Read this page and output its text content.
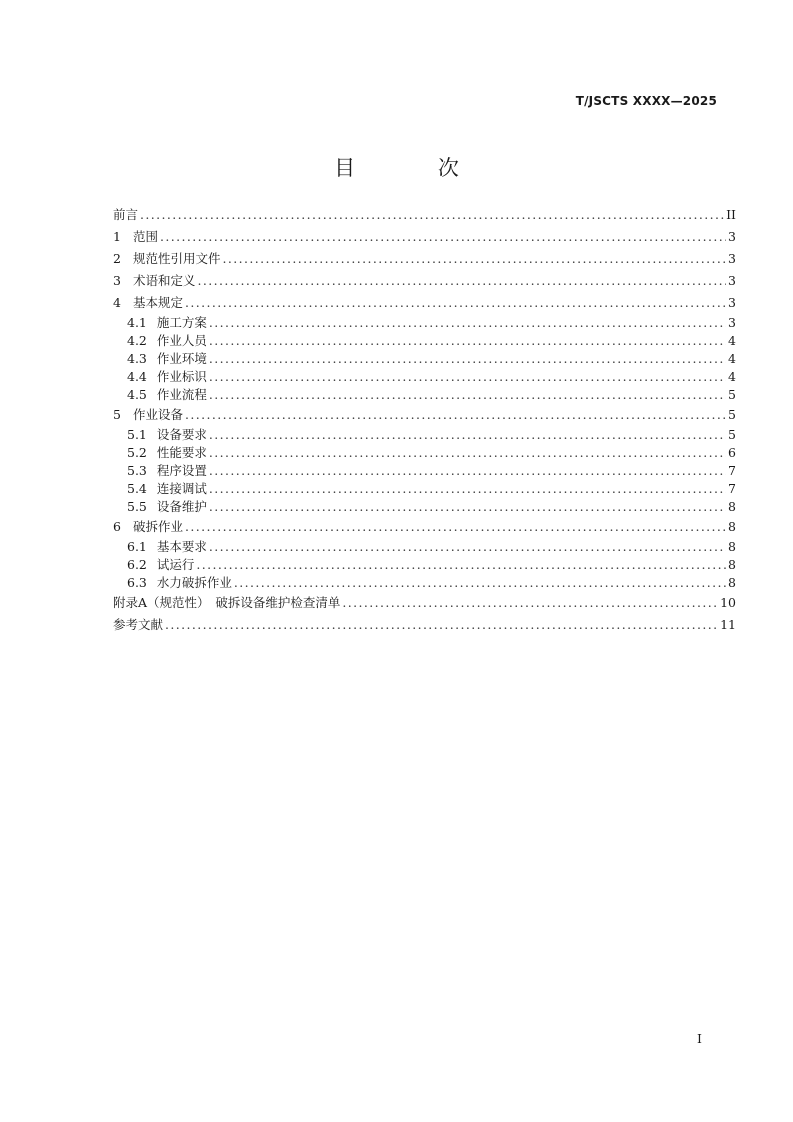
T/JSCTS XXXX—2025
目 次
前言 .....	II
1 范围 .....	3
2 规范性引用文件 .....	3
3 术语和定义 .....	3
4 基本规定 .....	3
4.1 施工方案 .....	3
4.2 作业人员 .....	4
4.3 作业环境 .....	4
4.4 作业标识 .....	4
4.5 作业流程 .....	5
5 作业设备 .....	5
5.1 设备要求 .....	5
5.2 性能要求 .....	6
5.3 程序设置 .....	7
5.4 连接调试 .....	7
5.5 设备维护 .....	8
6 破拆作业 .....	8
6.1 基本要求 .....	8
6.2 试运行 .....	8
6.3 水力破拆作业 .....	8
附录A（规范性） 破拆设备维护检查清单 .....	10
参考文献 .....	11
I
